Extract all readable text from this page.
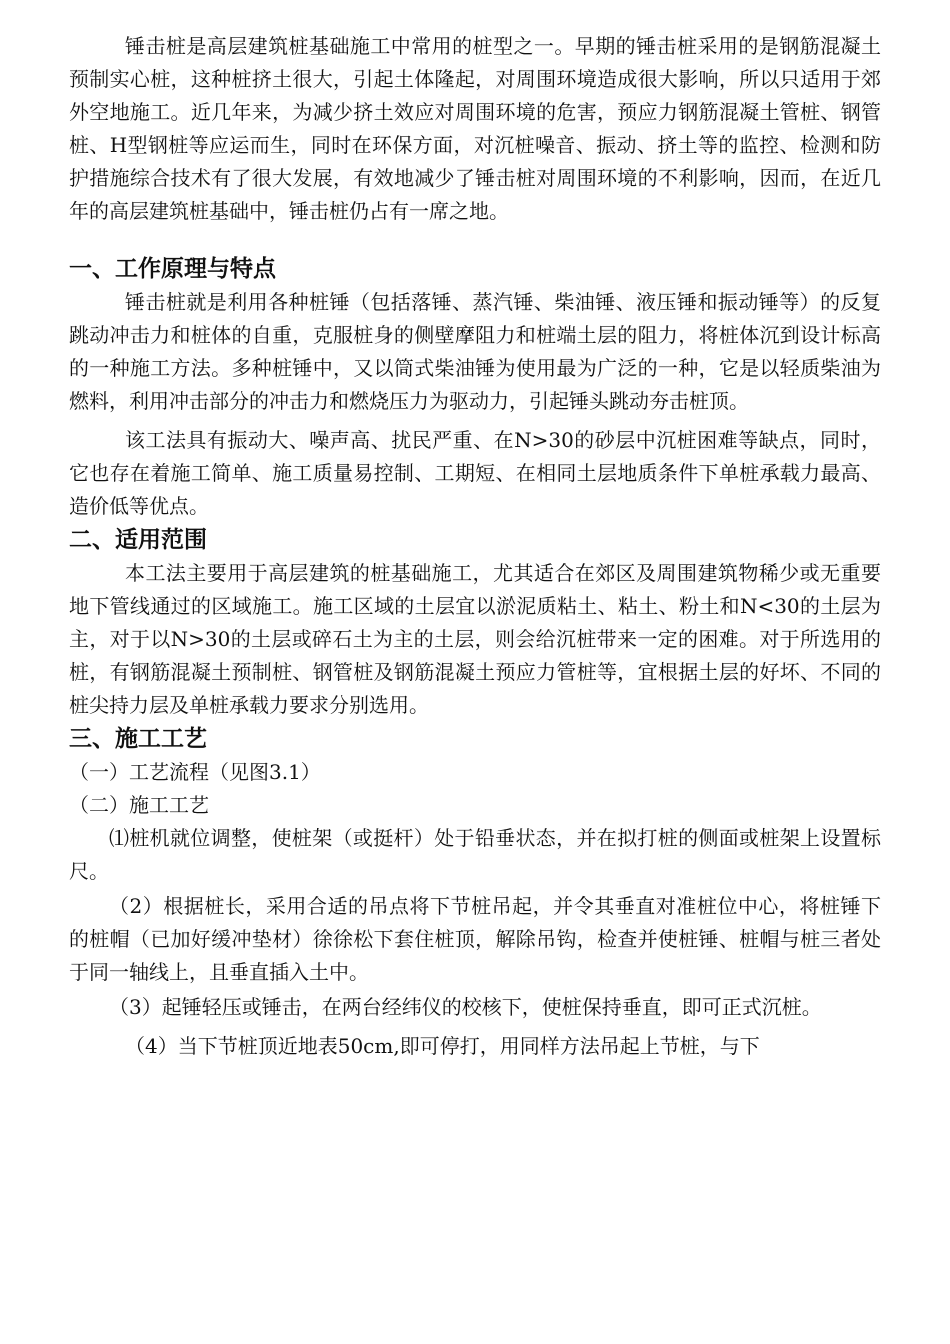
锤击桩是高层建筑桩基础施工中常用的桩型之一。早期的锤击桩采用的是钢筋混凝土预制实心桩，这种桩挤土很大，引起土体隆起，对周围环境造成很大影响，所以只适用于郊外空地施工。近几年来，为减少挤土效应对周围环境的危害，预应力钢筋混凝土管桩、钢管桩、H型钢桩等应运而生，同时在环保方面，对沉桩噪音、振动、挤土等的监控、检测和防护措施综合技术有了很大发展，有效地减少了锤击桩对周围环境的不利影响，因而，在近几年的高层建筑桩基础中，锤击桩仍占有一席之地。

一、工作原理与特点

锤击桩就是利用各种桩锤（包括落锤、蒸汽锤、柴油锤、液压锤和振动锤等）的反复跳动冲击力和桩体的自重，克服桩身的侧壁摩阻力和桩端土层的阻力，将桩体沉到设计标高的一种施工方法。多种桩锤中，又以筒式柴油锤为使用最为广泛的一种，它是以轻质柴油为燃料，利用冲击部分的冲击力和燃烧压力为驱动力，引起锤头跳动夯击桩顶。

该工法具有振动大、噪声高、扰民严重、在N>30的砂层中沉桩困难等缺点，同时，它也存在着施工简单、施工质量易控制、工期短、在相同土层地质条件下单桩承载力最高、造价低等优点。

二、适用范围

本工法主要用于高层建筑的桩基础施工，尤其适合在郊区及周围建筑物稀少或无重要地下管线通过的区域施工。施工区域的土层宜以淤泥质粘土、粘土、粉土和N<30的土层为主，对于以N>30的土层或碎石土为主的土层，则会给沉桩带来一定的困难。对于所选用的桩，有钢筋混凝土预制桩、钢管桩及钢筋混凝土预应力管桩等，宜根据土层的好坏、不同的桩尖持力层及单桩承载力要求分别选用。

三、施工工艺

（一）工艺流程（见图3.1）

（二）施工工艺

⑴桩机就位调整，使桩架（或挺杆）处于铅垂状态，并在拟打桩的侧面或桩架上设置标尺。

（2）根据桩长，采用合适的吊点将下节桩吊起，并令其垂直对准桩位中心，将桩锤下的桩帽（已加好缓冲垫材）徐徐松下套住桩顶，解除吊钩，检查并使桩锤、桩帽与桩三者处于同一轴线上，且垂直插入土中。

（3）起锤轻压或锤击，在两台经纬仪的校核下，使桩保持垂直，即可正式沉桩。

（4）当下节桩顶近地表50cm,即可停打，用同样方法吊起上节桩，与下
